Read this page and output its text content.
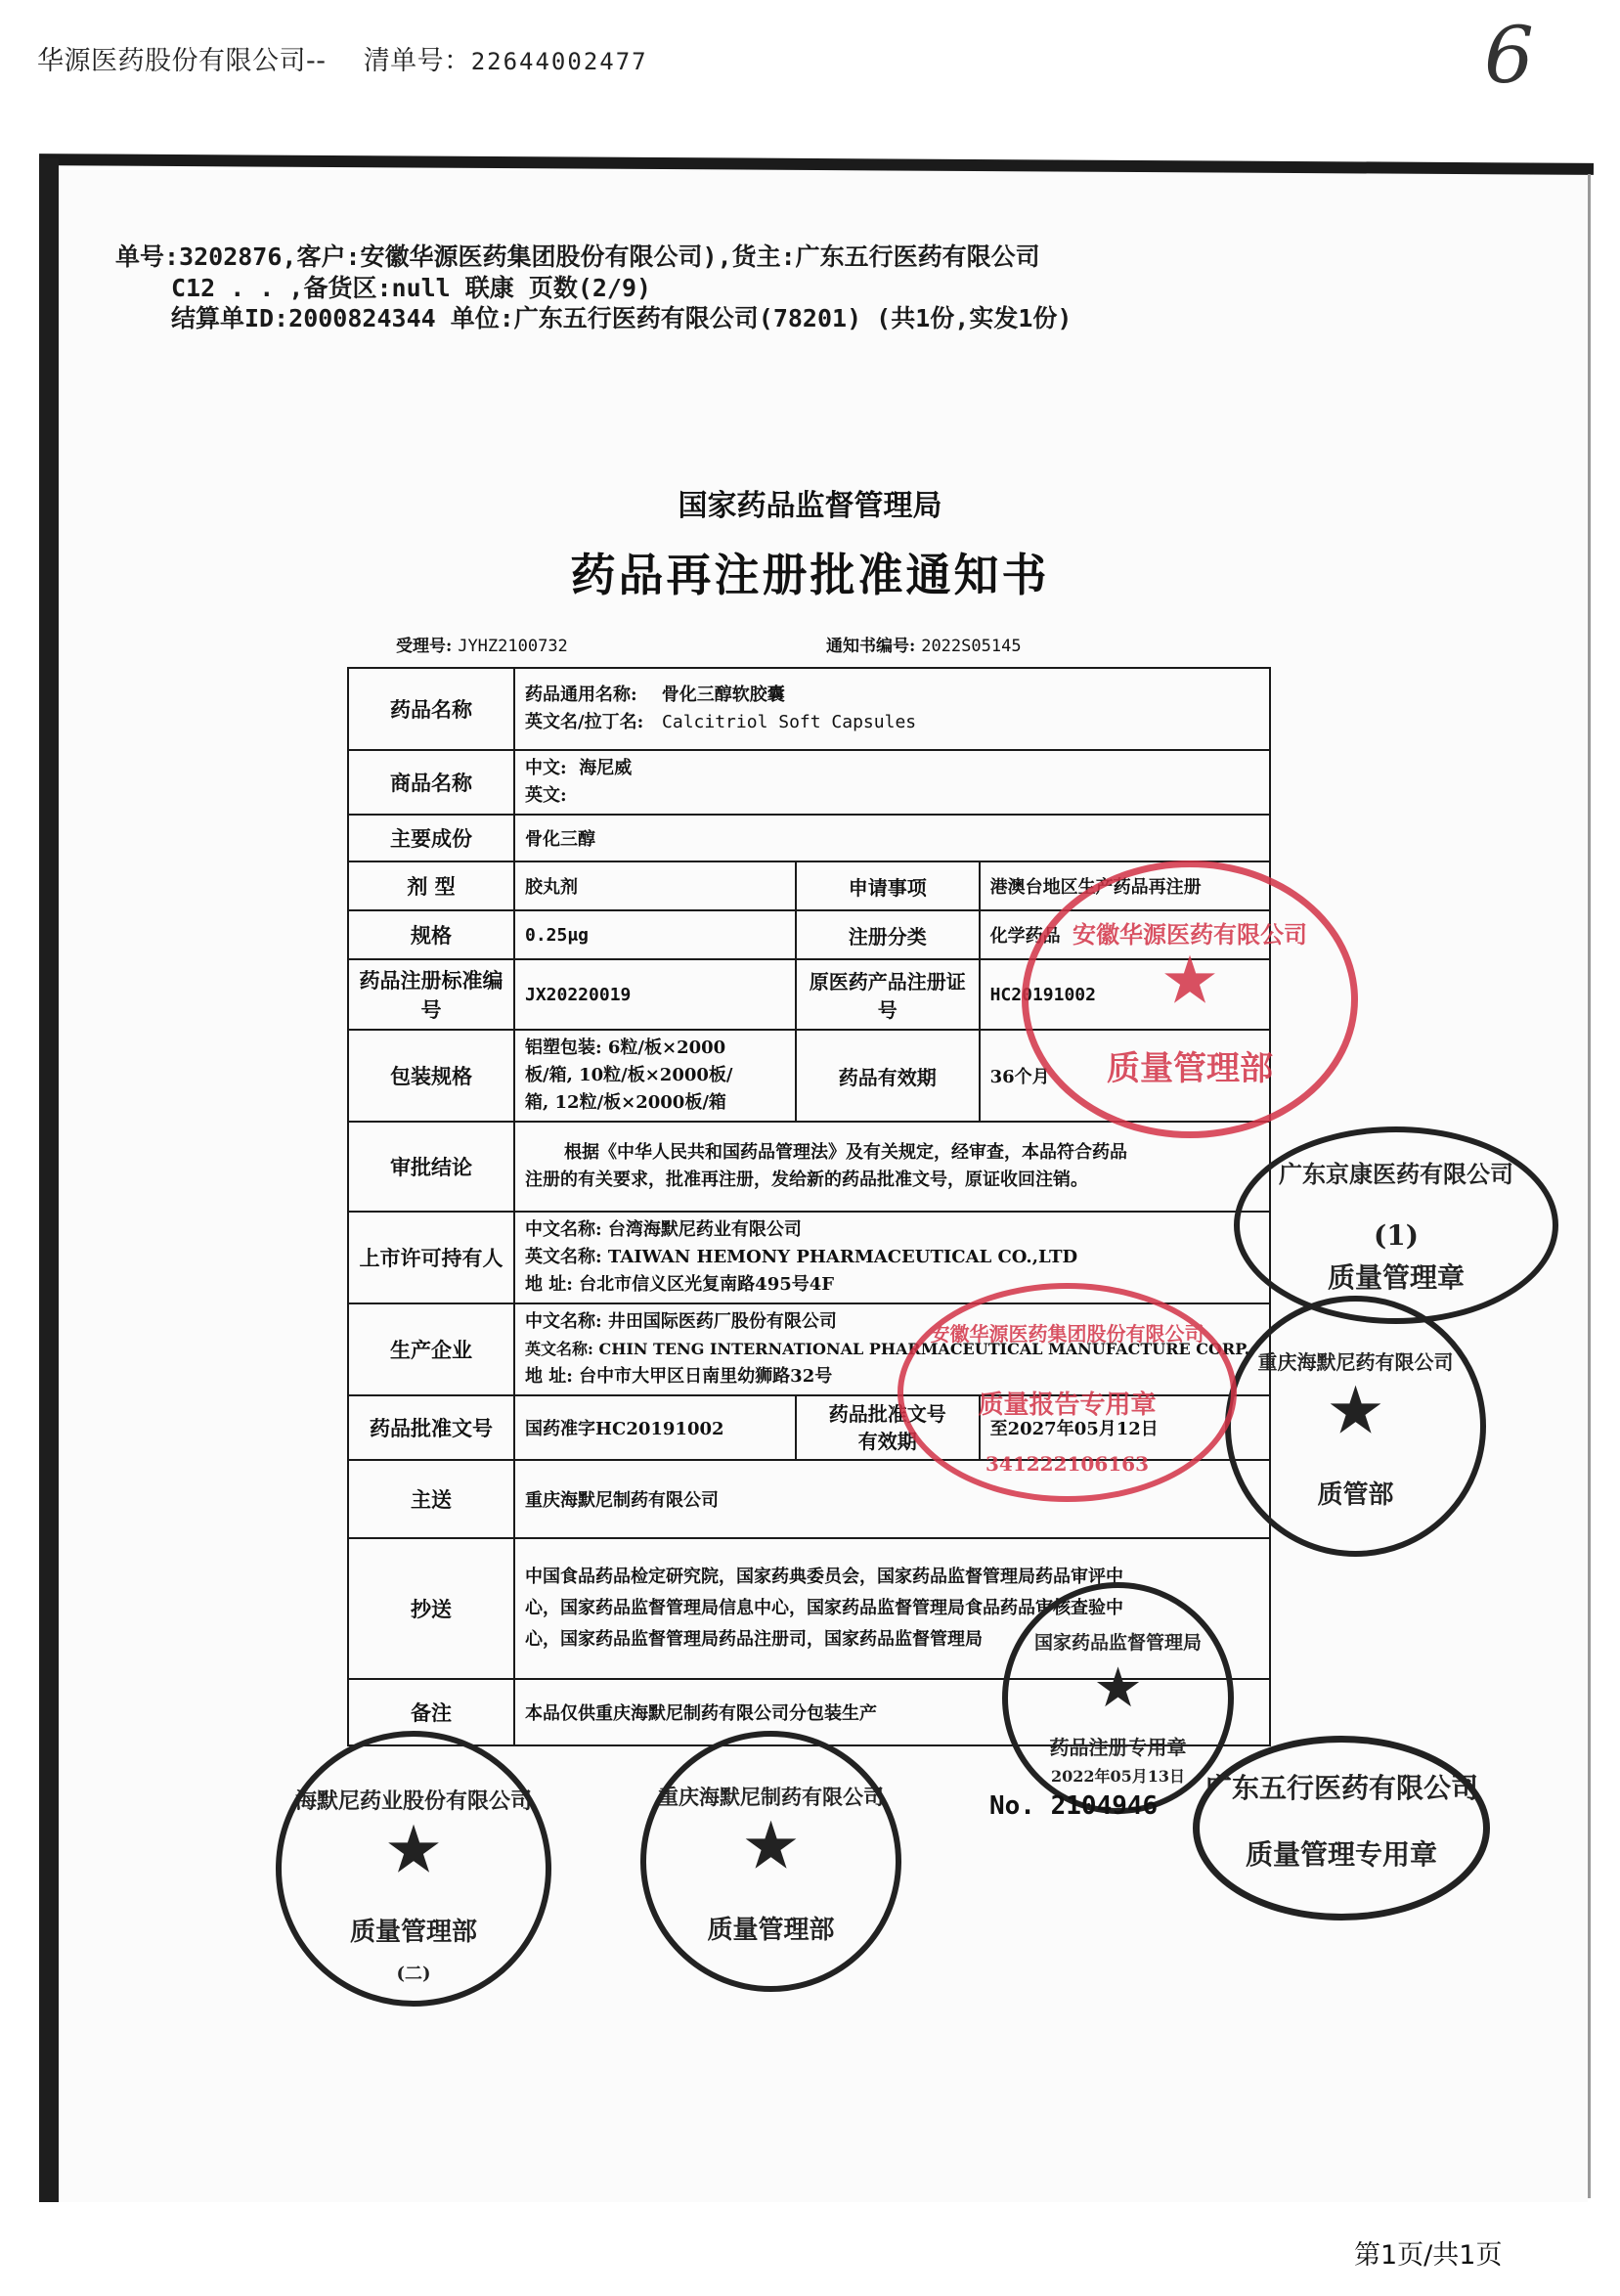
华源医药股份有限公司-- 清单号：22644002477	6
单号:3202876,客户:安徽华源医药集团股份有限公司),货主:广东五行医药有限公司
C12 . . ,备货区:null 联康 页数(2/9)
结算单ID:2000824344 单位:广东五行医药有限公司(78201) (共1份,实发1份)
国家药品监督管理局
药品再注册批准通知书
受理号: JYHZ2100732	通知书编号: 2022S05145
药品名称	药品通用名称: 骨化三醇软胶囊
英文名/拉丁名: Calcitriol Soft Capsules		

商品名称	中文: 海尼威
英文:		

主要成份	骨化三醇		
剂 型	胶丸剂	申请事项	港澳台地区生产药品再注册
规格	0.25μg	注册分类	化学药品
药品注册标准编号	JX20220019	原医药产品注册证号	HC20191002
包装规格	铝塑包装: 6粒/板×2000
板/箱, 10粒/板×2000板/
箱, 12粒/板×2000板/箱	药品有效期	36个月
审批结论	根据《中华人民共和国药品管理法》及有关规定，经审查，本品符合药品
注册的有关要求，批准再注册，发给新的药品批准文号，原证收回注销。		

上市许可持有人	中文名称: 台湾海默尼药业有限公司
英文名称: TAIWAN HEMONY PHARMACEUTICAL CO.,LTD
地 址: 台北市信义区光复南路495号4F		

生产企业	中文名称: 井田国际医药厂股份有限公司
英文名称: CHIN TENG INTERNATIONAL PHARMACEUTICAL MANUFACTURE CORP.
地 址: 台中市大甲区日南里幼狮路32号		

药品批准文号	国药准字HC20191002	药品批准文号
有效期	至2027年05月12日
主送	重庆海默尼制药有限公司		
抄送	中国食品药品检定研究院，国家药典委员会，国家药品监督管理局药品审评中
心，国家药品监督管理局信息中心，国家药品监督管理局食品药品审核查验中
心，国家药品监督管理局药品注册司，国家药品监督管理局		

备注	本品仅供重庆海默尼制药有限公司分包装生产		
安徽华源医药有限公司
★
质量管理部
广东京康医药有限公司
(1)
质量管理章
重庆海默尼药有限公司
★
质管部
安徽华源医药集团股份有限公司
质量报告专用章
341222106163
国家药品监督管理局
★
药品注册专用章
2022年05月13日
No. 2104946
海默尼药业股份有限公司
★
质量管理部
(二)
重庆海默尼制药有限公司
★
质量管理部
广东五行医药有限公司
质量管理专用章
第1页/共1页
